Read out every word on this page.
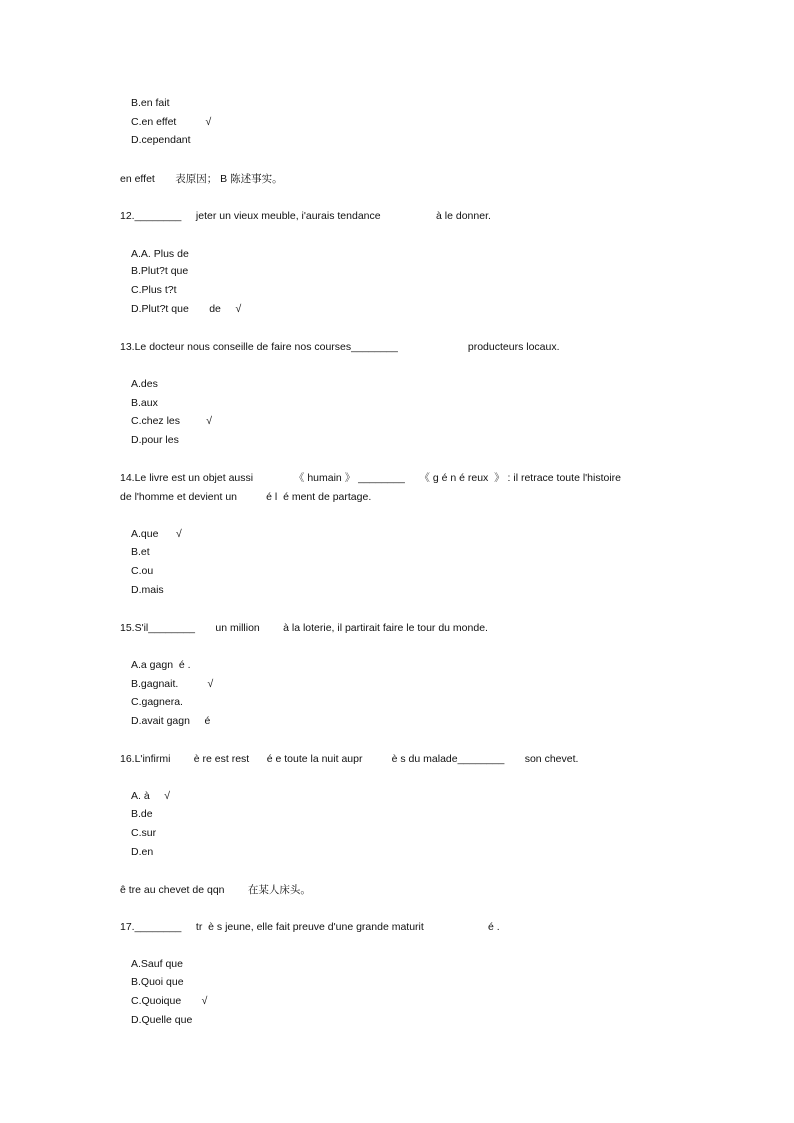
B.en fait
C.en effet          √
D.cependant
en effet       表原因； B 陈述事实。
12.________     jeter un vieux meuble, i'aurais tendance                   à le donner.
A.A. Plus de
B.Plut?t que
C.Plus t?t
D.Plut?t que       de     √
13.Le docteur nous conseille de faire nos courses________                        producteurs locaux.
A.des
B.aux
C.chez les         √
D.pour les
14.Le livre est un objet aussi              《 humain 》 ________     《 g é n é reux  》 : il retrace toute l'histoire
de l'homme et devient un          é l  é ment de partage.
A.que      √
B.et
C.ou
D.mais
15.S'il________       un million        à la loterie, il partirait faire le tour du monde.
A.a gagn  é .
B.gagnait.          √
C.gagnera.
D.avait gagn     é
16.L'infirmi        è re est rest      é e toute la nuit aupr          è s du malade________       son chevet.
A. à     √
B.de
C.sur
D.en
ê tre au chevet de qqn        在某人床头。
17.________     tr  è s jeune, elle fait preuve d'une grande maturit                      é .
A.Sauf que
B.Quoi que
C.Quoique       √
D.Quelle que
